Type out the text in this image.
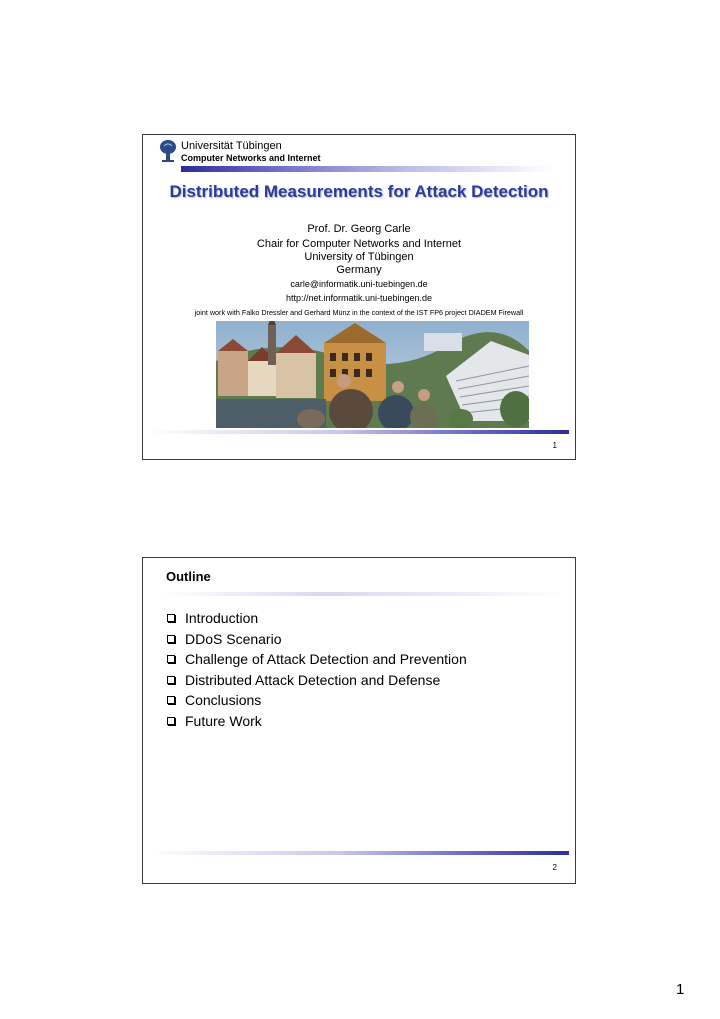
Universität Tübingen
Computer Networks and Internet
Distributed Measurements for Attack Detection
Prof. Dr. Georg Carle
Chair for Computer Networks and Internet
University of Tübingen
Germany
carle@informatik.uni-tuebingen.de
http://net.informatik.uni-tuebingen.de
joint work with Falko Dressler and Gerhard Münz in the context of the IST FP6 project DIADEM Firewall
1
Outline
Introduction
DDoS Scenario
Challenge of Attack Detection and Prevention
Distributed Attack Detection and Defense
Conclusions
Future Work
2
1
